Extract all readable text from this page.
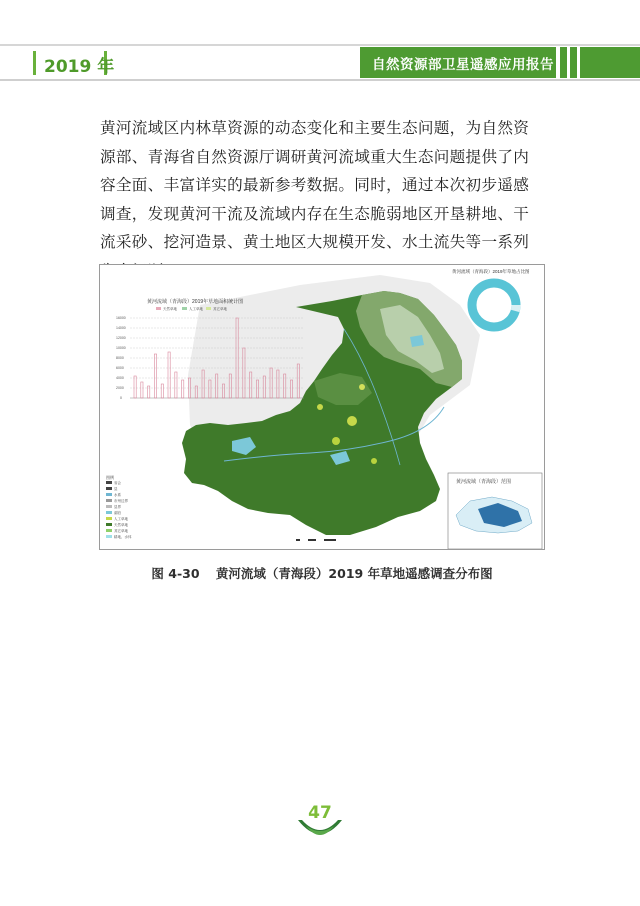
2019 年	自然资源部卫星遥感应用报告

黄河流域区内林草资源的动态变化和主要生态问题，为自然资源部、青海省自然资源厅调研黄河流域重大生态问题提供了内容全面、丰富详实的最新参考数据。同时，通过本次初步遥感调查，发现黄河干流及流域内存在生态脆弱地区开垦耕地、干流采砂、挖河造景、黄土地区大规模开发、水土流失等一系列

黄河流域（青海段）2019年草地面积统计图
天然草地	人工草地	其它草地
16000
14000
12000
10000
8000
6000
4000
2000
0
黄河流域（青海段）2019年草地占比图
图例
省会
县
水系
市州边界
县界
湖泊
人工草地
天然草地
其它草地
耕地、水体
黄河流域（青海段）范围
图 4-30 黄河流域（青海段）2019 年草地遥感调查分布图
47
